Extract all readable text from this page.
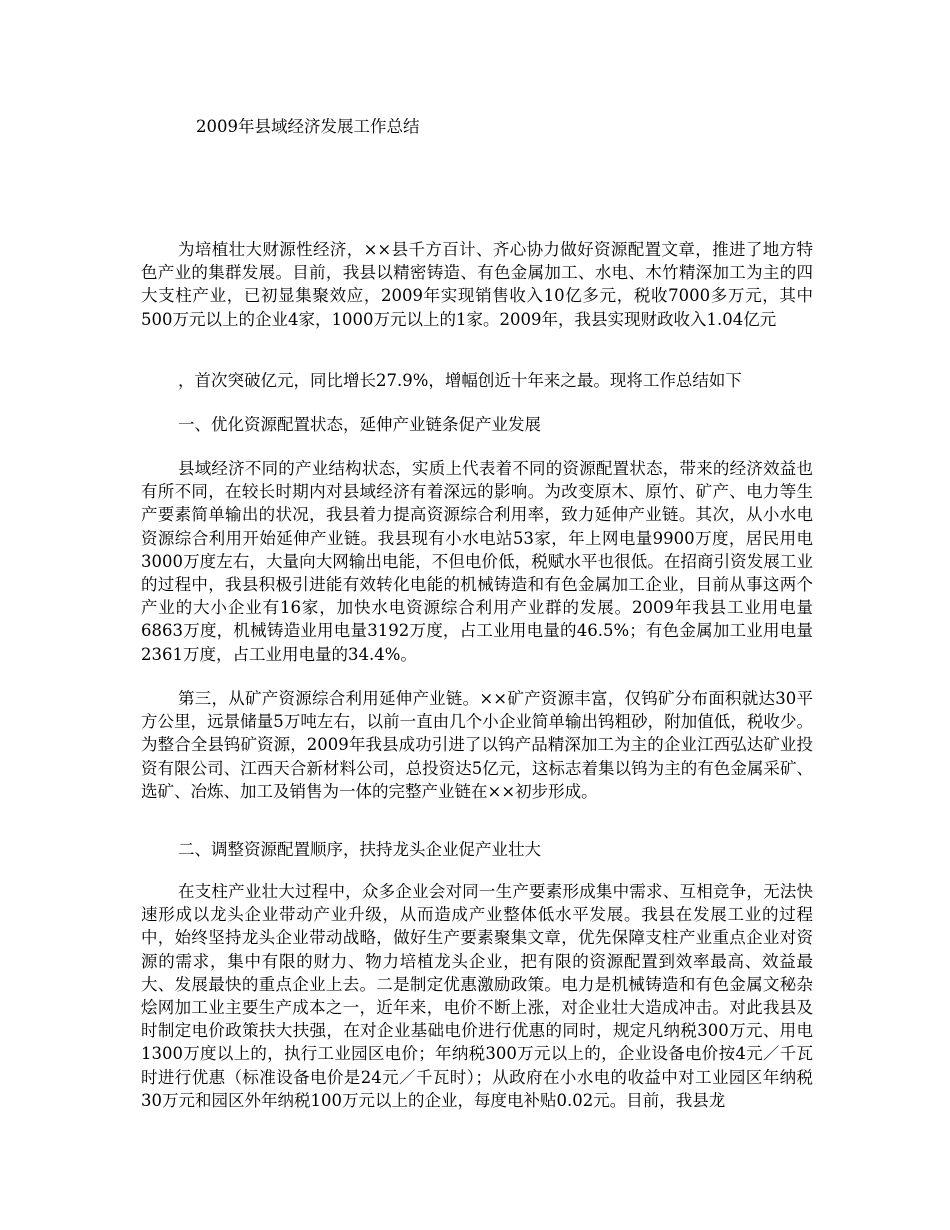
2009年县域经济发展工作总结

为培植壮大财源性经济，××县千方百计、齐心协力做好资源配置文章，推进了地方特色产业的集群发展。目前，我县以精密铸造、有色金属加工、水电、木竹精深加工为主的四大支柱产业，已初显集聚效应，2009年实现销售收入10亿多元，税收7000多万元，其中500万元以上的企业4家，1000万元以上的1家。2009年，我县实现财政收入1.04亿元

，首次突破亿元，同比增长27.9%，增幅创近十年来之最。现将工作总结如下

一、优化资源配置状态，延伸产业链条促产业发展

县域经济不同的产业结构状态，实质上代表着不同的资源配置状态，带来的经济效益也有所不同，在较长时期内对县域经济有着深远的影响。为改变原木、原竹、矿产、电力等生产要素简单输出的状况，我县着力提高资源综合利用率，致力延伸产业链。其次，从小水电资源综合利用开始延伸产业链。我县现有小水电站53家，年上网电量9900万度，居民用电3000万度左右，大量向大网输出电能，不但电价低，税赋水平也很低。在招商引资发展工业的过程中，我县积极引进能有效转化电能的机械铸造和有色金属加工企业，目前从事这两个产业的大小企业有16家，加快水电资源综合利用产业群的发展。2009年我县工业用电量6863万度，机械铸造业用电量3192万度，占工业用电量的46.5%；有色金属加工业用电量2361万度，占工业用电量的34.4%。

第三，从矿产资源综合利用延伸产业链。××矿产资源丰富，仅钨矿分布面积就达30平方公里，远景储量5万吨左右，以前一直由几个小企业简单输出钨粗砂，附加值低，税收少。为整合全县钨矿资源，2009年我县成功引进了以钨产品精深加工为主的企业江西弘达矿业投资有限公司、江西天合新材料公司，总投资达5亿元，这标志着集以钨为主的有色金属采矿、选矿、冶炼、加工及销售为一体的完整产业链在××初步形成。

二、调整资源配置顺序，扶持龙头企业促产业壮大

在支柱产业壮大过程中，众多企业会对同一生产要素形成集中需求、互相竞争，无法快速形成以龙头企业带动产业升级，从而造成产业整体低水平发展。我县在发展工业的过程中，始终坚持龙头企业带动战略，做好生产要素聚集文章，优先保障支柱产业重点企业对资源的需求，集中有限的财力、物力培植龙头企业，把有限的资源配置到效率最高、效益最大、发展最快的重点企业上去。二是制定优惠激励政策。电力是机械铸造和有色金属文秘杂烩网加工业主要生产成本之一，近年来，电价不断上涨，对企业壮大造成冲击。对此我县及时制定电价政策扶大扶强，在对企业基础电价进行优惠的同时，规定凡纳税300万元、用电1300万度以上的，执行工业园区电价；年纳税300万元以上的，企业设备电价按4元／千瓦时进行优惠（标准设备电价是24元／千瓦时）；从政府在小水电的收益中对工业园区年纳税30万元和园区外年纳税100万元以上的企业，每度电补贴0.02元。目前，我县龙
